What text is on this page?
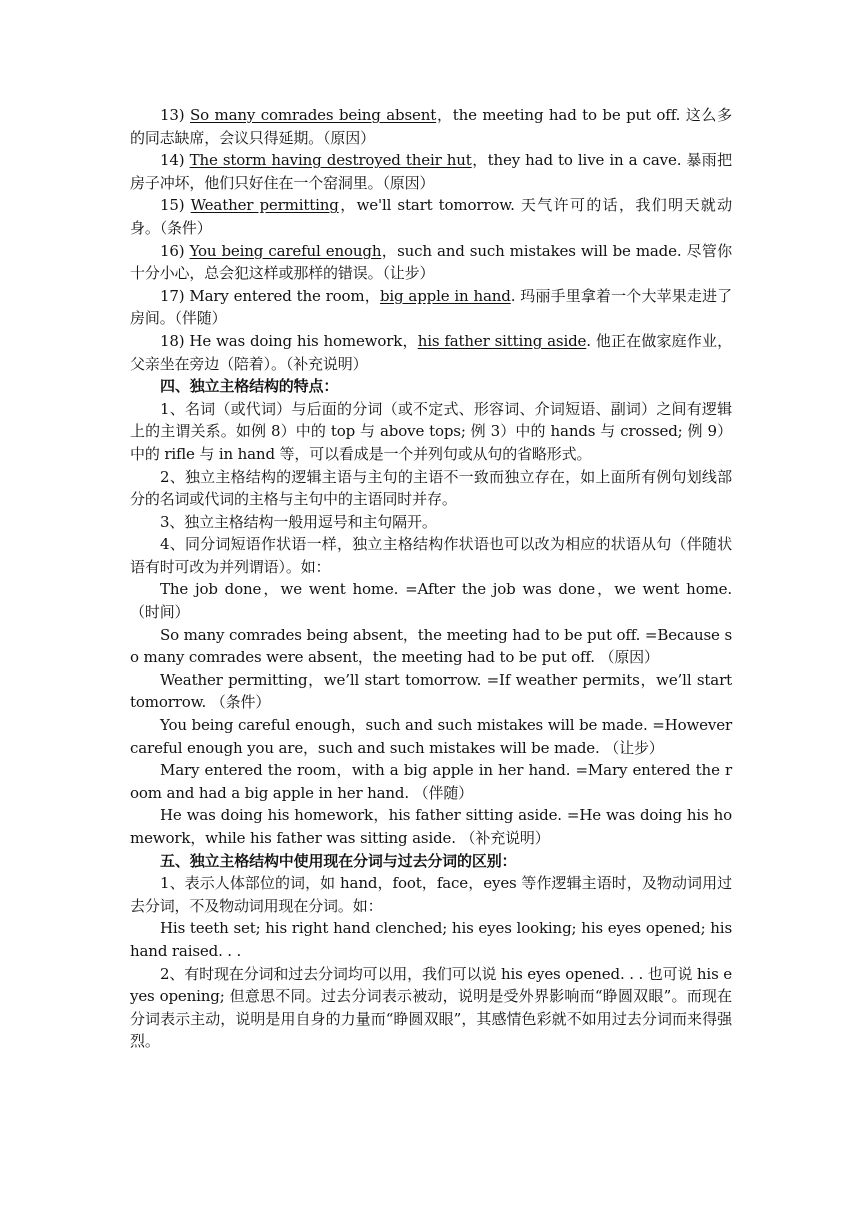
13) So many comrades being absent，the meeting had to be put off. 这么多的同志缺席，会议只得延期。（原因）

14) The storm having destroyed their hut，they had to live in a cave. 暴雨把房子冲坏，他们只好住在一个窑洞里。（原因）

15) Weather permitting，we'll start tomorrow. 天气许可的话，我们明天就动身。（条件）

16) You being careful enough，such and such mistakes will be made. 尽管你十分小心，总会犯这样或那样的错误。（让步）

17) Mary entered the room，big apple in hand. 玛丽手里拿着一个大苹果走进了房间。（伴随）

18) He was doing his homework，his father sitting aside. 他正在做家庭作业，父亲坐在旁边（陪着）。（补充说明）

四、独立主格结构的特点：

1、名词（或代词）与后面的分词（或不定式、形容词、介词短语、副词）之间有逻辑上的主谓关系。如例 8）中的 top 与 above tops; 例 3）中的 hands 与 crossed; 例 9）中的 rifle 与 in hand 等，可以看成是一个并列句或从句的省略形式。

2、独立主格结构的逻辑主语与主句的主语不一致而独立存在，如上面所有例句划线部分的名词或代词的主格与主句中的主语同时并存。

3、独立主格结构一般用逗号和主句隔开。

4、同分词短语作状语一样，独立主格结构作状语也可以改为相应的状语从句（伴随状语有时可改为并列谓语）。如：

The job done，we went home. =After the job was done，we went home. （时间）

So many comrades being absent，the meeting had to be put off. =Because so many comrades were absent，the meeting had to be put off. （原因）

Weather permitting，we’ll start tomorrow. =If weather permits，we’ll start tomorrow. （条件）

You being careful enough，such and such mistakes will be made. =However careful enough you are，such and such mistakes will be made. （让步）

Mary entered the room，with a big apple in her hand. =Mary entered the room and had a big apple in her hand. （伴随）

He was doing his homework，his father sitting aside. =He was doing his homework，while his father was sitting aside. （补充说明）

五、独立主格结构中使用现在分词与过去分词的区别：

1、表示人体部位的词，如 hand，foot，face，eyes 等作逻辑主语时，及物动词用过去分词，不及物动词用现在分词。如：

His teeth set; his right hand clenched; his eyes looking; his eyes opened; his hand raised. . .

2、有时现在分词和过去分词均可以用，我们可以说 his eyes opened. . . 也可说 his eyes opening; 但意思不同。过去分词表示被动，说明是受外界影响而“睁圆双眼”。而现在分词表示主动，说明是用自身的力量而“睁圆双眼”，其感情色彩就不如用过去分词而来得强烈。
